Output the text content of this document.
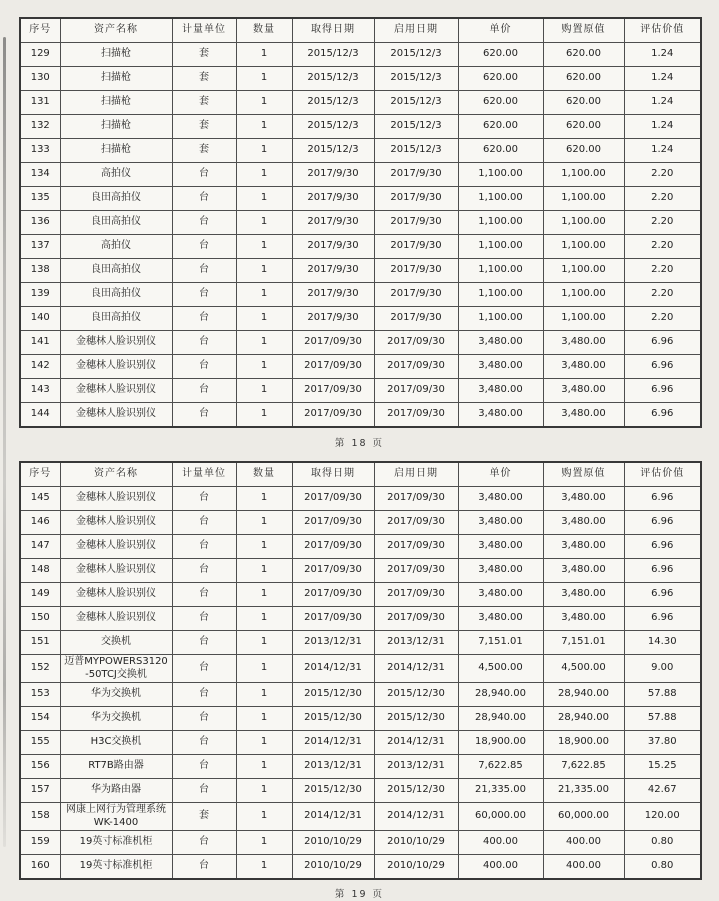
序号	资产名称	计量单位	数量	取得日期	启用日期	单价	购置原值	评估价值
129	扫描枪	套	1	2015/12/3	2015/12/3	620.00	620.00	1.24
130	扫描枪	套	1	2015/12/3	2015/12/3	620.00	620.00	1.24
131	扫描枪	套	1	2015/12/3	2015/12/3	620.00	620.00	1.24
132	扫描枪	套	1	2015/12/3	2015/12/3	620.00	620.00	1.24
133	扫描枪	套	1	2015/12/3	2015/12/3	620.00	620.00	1.24
134	高拍仪	台	1	2017/9/30	2017/9/30	1,100.00	1,100.00	2.20
135	良田高拍仪	台	1	2017/9/30	2017/9/30	1,100.00	1,100.00	2.20
136	良田高拍仪	台	1	2017/9/30	2017/9/30	1,100.00	1,100.00	2.20
137	高拍仪	台	1	2017/9/30	2017/9/30	1,100.00	1,100.00	2.20
138	良田高拍仪	台	1	2017/9/30	2017/9/30	1,100.00	1,100.00	2.20
139	良田高拍仪	台	1	2017/9/30	2017/9/30	1,100.00	1,100.00	2.20
140	良田高拍仪	台	1	2017/9/30	2017/9/30	1,100.00	1,100.00	2.20
141	金穗林人脸识别仪	台	1	2017/09/30	2017/09/30	3,480.00	3,480.00	6.96
142	金穗林人脸识别仪	台	1	2017/09/30	2017/09/30	3,480.00	3,480.00	6.96
143	金穗林人脸识别仪	台	1	2017/09/30	2017/09/30	3,480.00	3,480.00	6.96
144	金穗林人脸识别仪	台	1	2017/09/30	2017/09/30	3,480.00	3,480.00	6.96
第 18 页
序号	资产名称	计量单位	数量	取得日期	启用日期	单价	购置原值	评估价值
145	金穗林人脸识别仪	台	1	2017/09/30	2017/09/30	3,480.00	3,480.00	6.96
146	金穗林人脸识别仪	台	1	2017/09/30	2017/09/30	3,480.00	3,480.00	6.96
147	金穗林人脸识别仪	台	1	2017/09/30	2017/09/30	3,480.00	3,480.00	6.96
148	金穗林人脸识别仪	台	1	2017/09/30	2017/09/30	3,480.00	3,480.00	6.96
149	金穗林人脸识别仪	台	1	2017/09/30	2017/09/30	3,480.00	3,480.00	6.96
150	金穗林人脸识别仪	台	1	2017/09/30	2017/09/30	3,480.00	3,480.00	6.96
151	交换机	台	1	2013/12/31	2013/12/31	7,151.01	7,151.01	14.30
152	迈普MYPOWERS3120-50TCJ交换机	台	1	2014/12/31	2014/12/31	4,500.00	4,500.00	9.00
153	华为交换机	台	1	2015/12/30	2015/12/30	28,940.00	28,940.00	57.88
154	华为交换机	台	1	2015/12/30	2015/12/30	28,940.00	28,940.00	57.88
155	H3C交换机	台	1	2014/12/31	2014/12/31	18,900.00	18,900.00	37.80
156	RT7B路由器	台	1	2013/12/31	2013/12/31	7,622.85	7,622.85	15.25
157	华为路由器	台	1	2015/12/30	2015/12/30	21,335.00	21,335.00	42.67
158	网康上网行为管理系统WK-1400	套	1	2014/12/31	2014/12/31	60,000.00	60,000.00	120.00
159	19英寸标准机柜	台	1	2010/10/29	2010/10/29	400.00	400.00	0.80
160	19英寸标准机柜	台	1	2010/10/29	2010/10/29	400.00	400.00	0.80
第 19 页
